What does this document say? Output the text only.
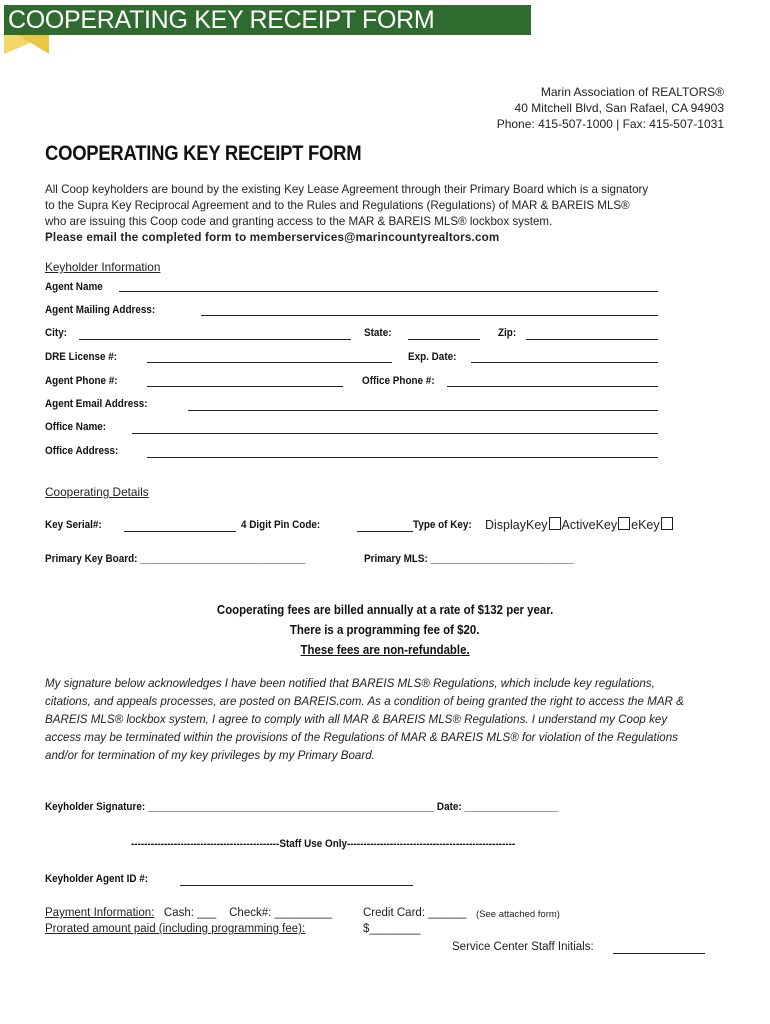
COOPERATING KEY RECEIPT FORM
Marin Association of REALTORS®
40 Mitchell Blvd, San Rafael, CA 94903
Phone: 415-507-1000 | Fax: 415-507-1031
COOPERATING KEY RECEIPT FORM
All Coop keyholders are bound by the existing Key Lease Agreement through their Primary Board which is a signatory
to the Supra Key Reciprocal Agreement and to the Rules and Regulations (Regulations) of MAR & BAREIS MLS®
who are issuing this Coop code and granting access to the MAR & BAREIS MLS® lockbox system.
Please email the completed form to memberservices@marincountyrealtors.com
Keyholder Information
Agent Name
Agent Mailing Address:
City:	State:	Zip:
DRE License #:	Exp. Date:
Agent Phone #:	Office Phone #:
Agent Email Address:
Office Name:
Office Address:
Cooperating Details
Key Serial#:	4 Digit Pin Code:	Type of Key: DisplayKey ActiveKey eKey
Primary Key Board: ______________________________	Primary MLS: __________________________
Cooperating fees are billed annually at a rate of $132 per year.
There is a programming fee of $20.
These fees are non-refundable.
My signature below acknowledges I have been notified that BAREIS MLS® Regulations, which include key regulations,
citations, and appeals processes, are posted on BAREIS.com. As a condition of being granted the right to access the MAR &
BAREIS MLS® lockbox system, I agree to comply with all MAR & BAREIS MLS® Regulations. I understand my Coop key
access may be terminated within the provisions of the Regulations of MAR & BAREIS MLS® for violation of the Regulations
and/or for termination of my key privileges by my Primary Board.
Keyholder Signature: ____________________________________________________ Date: _________________
---------------------------------------------Staff Use Only---------------------------------------------------
Keyholder Agent ID #:
Payment Information: Cash: ___ Check#: _________	Credit Card: ______ (See attached form)
Prorated amount paid (including programming fee):	$________
Service Center Staff Initials:
